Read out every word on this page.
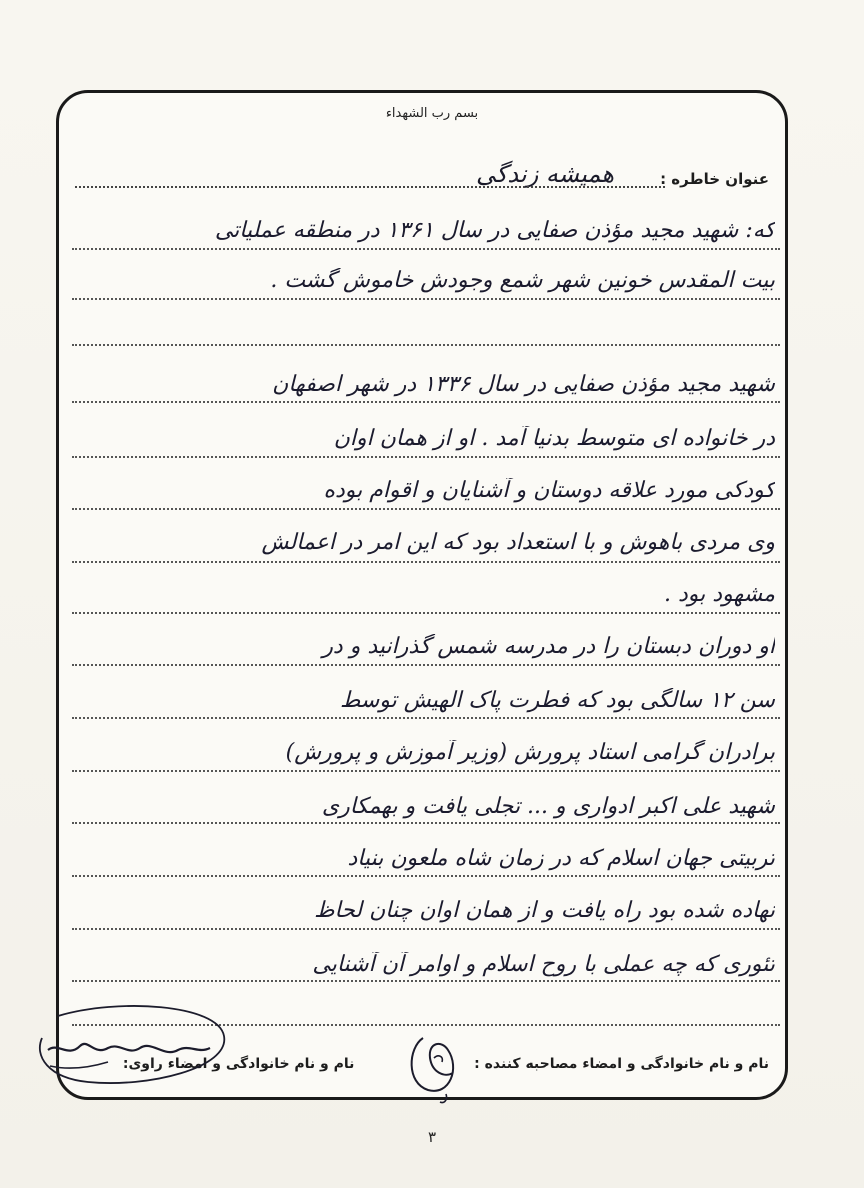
بسم رب الشهداء
همیشه زندگی	عنوان خاطره :
که: شهید مجید مؤذن صفایی در سال ۱۳۶۱ در منطقه عملیاتی
بیت المقدس خونین شهر شمع وجودش خاموش گشت .
شهید مجید مؤذن صفایی در سال ۱۳۳۶ در شهر اصفهان
در خانواده ای متوسط بدنیا آمد . او از همان اوان
کودکی مورد علاقه دوستان و آشنایان و اقوام بوده
وی مردی باهوش و با استعداد بود که این امر در اعمالش
مشهود بود .
او دوران دبستان را در مدرسه شمس گذرانید و در
سن ۱۲ سالگی بود که فطرت پاک الهیش توسط
برادران گرامی استاد پرورش (وزیر آموزش و پرورش)
شهید علی اکبر ادواری و ... تجلی یافت و بهمکاری
تربیتی جهان اسلام که در زمان شاه ملعون بنیاد
نهاده شده بود راه یافت و از همان اوان چنان لحاظ
تئوری که چه عملی با روح اسلام و اوامر آن آشنایی
نام و نام خانوادگی و امضاء مصاحبه کننده :  نام و نام خانوادگی و امضاء راوی:
۳
